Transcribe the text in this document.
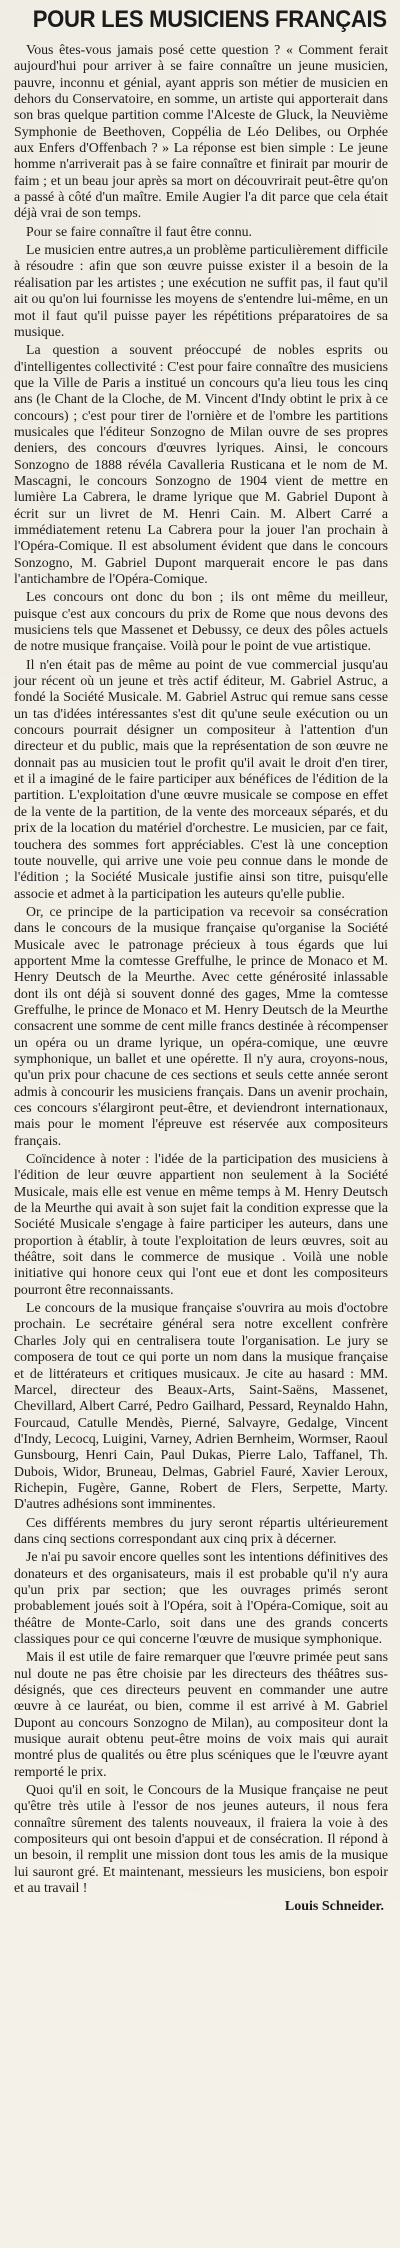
POUR LES MUSICIENS FRANÇAIS

Vous êtes-vous jamais posé cette question ? « Comment ferait aujourd'hui pour arriver à se faire connaître un jeune musicien, pauvre, inconnu et génial, ayant appris son métier de musicien en dehors du Conservatoire, en somme, un artiste qui apporterait dans son bras quelque partition comme l'Alceste de Gluck, la Neuvième Symphonie de Beethoven, Coppélia de Léo Delibes, ou Orphée aux Enfers d'Offenbach ? » La réponse est bien simple : Le jeune homme n'arriverait pas à se faire connaître et finirait par mourir de faim ; et un beau jour après sa mort on découvrirait peut-être qu'on a passé à côté d'un maître. Emile Augier l'a dit parce que cela était déjà vrai de son temps.

Pour se faire connaître il faut être connu.

Le musicien entre autres,a un problème particulièrement difficile à résoudre : afin que son œuvre puisse exister il a besoin de la réalisation par les artistes ; une exécution ne suffit pas, il faut qu'il ait ou qu'on lui fournisse les moyens de s'entendre lui-même, en un mot il faut qu'il puisse payer les répétitions préparatoires de sa musique.

La question a souvent préoccupé de nobles esprits ou d'intelligentes collectivité : C'est pour faire connaître des musiciens que la Ville de Paris a institué un concours qu'a lieu tous les cinq ans (le Chant de la Cloche, de M. Vincent d'Indy obtint le prix à ce concours) ; c'est pour tirer de l'ornière et de l'ombre les partitions musicales que l'éditeur Sonzogno de Milan ouvre de ses propres deniers, des concours d'œuvres lyriques. Ainsi, le concours Sonzogno de 1888 révéla Cavalleria Rusticana et le nom de M. Mascagni, le concours Sonzogno de 1904 vient de mettre en lumière La Cabrera, le drame lyrique que M. Gabriel Dupont à écrit sur un livret de M. Henri Cain. M. Albert Carré a immédiatement retenu La Cabrera pour la jouer l'an prochain à l'Opéra-Comique. Il est absolument évident que dans le concours Sonzogno, M. Gabriel Dupont marquerait encore le pas dans l'antichambre de l'Opéra-Comique.

Les concours ont donc du bon ; ils ont même du meilleur, puisque c'est aux concours du prix de Rome que nous devons des musiciens tels que Massenet et Debussy, ce deux des pôles actuels de notre musique française. Voilà pour le point de vue artistique.

Il n'en était pas de même au point de vue commercial jusqu'au jour récent où un jeune et très actif éditeur, M. Gabriel Astruc, a fondé la Société Musicale. M. Gabriel Astruc qui remue sans cesse un tas d'idées intéressantes s'est dit qu'une seule exécution ou un concours pourrait désigner un compositeur à l'attention d'un directeur et du public, mais que la représentation de son œuvre ne donnait pas au musicien tout le profit qu'il avait le droit d'en tirer, et il a imaginé de le faire participer aux bénéfices de l'édition de la partition. L'exploitation d'une œuvre musicale se compose en effet de la vente de la partition, de la vente des morceaux séparés, et du prix de la location du matériel d'orchestre. Le musicien, par ce fait, touchera des sommes fort appréciables. C'est là une conception toute nouvelle, qui arrive une voie peu connue dans le monde de l'édition ; la Société Musicale justifie ainsi son titre, puisqu'elle associe et admet à la participation les auteurs qu'elle publie.

Or, ce principe de la participation va recevoir sa consécration dans le concours de la musique française qu'organise la Société Musicale avec le patronage précieux à tous égards que lui apportent Mme la comtesse Greffulhe, le prince de Monaco et M. Henry Deutsch de la Meurthe. Avec cette générosité inlassable dont ils ont déjà si souvent donné des gages, Mme la comtesse Greffulhe, le prince de Monaco et M. Henry Deutsch de la Meurthe consacrent une somme de cent mille francs destinée à récompenser un opéra ou un drame lyrique, un opéra-comique, une œuvre symphonique, un ballet et une opérette. Il n'y aura, croyons-nous, qu'un prix pour chacune de ces sections et seuls cette année seront admis à concourir les musiciens français. Dans un avenir prochain, ces concours s'élargiront peut-être, et deviendront internationaux, mais pour le moment l'épreuve est réservée aux compositeurs français.

Coïncidence à noter : l'idée de la participation des musiciens à l'édition de leur œuvre appartient non seulement à la Société Musicale, mais elle est venue en même temps à M. Henry Deutsch de la Meurthe qui avait à son sujet fait la condition expresse que la Société Musicale s'engage à faire participer les auteurs, dans une proportion à établir, à toute l'exploitation de leurs œuvres, soit au théâtre, soit dans le commerce de musique . Voilà une noble initiative qui honore ceux qui l'ont eue et dont les compositeurs pourront être reconnaissants.

Le concours de la musique française s'ouvrira au mois d'octobre prochain. Le secrétaire général sera notre excellent confrère Charles Joly qui en centralisera toute l'organisation. Le jury se composera de tout ce qui porte un nom dans la musique française et de littérateurs et critiques musicaux. Je cite au hasard : MM. Marcel, directeur des Beaux-Arts, Saint-Saëns, Massenet, Chevillard, Albert Carré, Pedro Gailhard, Pessard, Reynaldo Hahn, Fourcaud, Catulle Mendès, Pierné, Salvayre, Gedalge, Vincent d'Indy, Lecocq, Luigini, Varney, Adrien Bernheim, Wormser, Raoul Gunsbourg, Henri Cain, Paul Dukas, Pierre Lalo, Taffanel, Th. Dubois, Widor, Bruneau, Delmas, Gabriel Fauré, Xavier Leroux, Richepin, Fugère, Ganne, Robert de Flers, Serpette, Marty. D'autres adhésions sont imminentes.

Ces différents membres du jury seront répartis ultérieurement dans cinq sections correspondant aux cinq prix à décerner.

Je n'ai pu savoir encore quelles sont les intentions définitives des donateurs et des organisateurs, mais il est probable qu'il n'y aura qu'un prix par section; que les ouvrages primés seront probablement joués soit à l'Opéra, soit à l'Opéra-Comique, soit au théâtre de Monte-Carlo, soit dans une des grands concerts classiques pour ce qui concerne l'œuvre de musique symphonique.

Mais il est utile de faire remarquer que l'œuvre primée peut sans nul doute ne pas être choisie par les directeurs des théâtres sus-désignés, que ces directeurs peuvent en commander une autre œuvre à ce lauréat, ou bien, comme il est arrivé à M. Gabriel Dupont au concours Sonzogno de Milan), au compositeur dont la musique aurait obtenu peut-être moins de voix mais qui aurait montré plus de qualités ou être plus scéniques que le l'œuvre ayant remporté le prix.

Quoi qu'il en soit, le Concours de la Musique française ne peut qu'être très utile à l'essor de nos jeunes auteurs, il nous fera connaître sûrement des talents nouveaux, il fraiera la voie à des compositeurs qui ont besoin d'appui et de consécration. Il répond à un besoin, il remplit une mission dont tous les amis de la musique lui sauront gré. Et maintenant, messieurs les musiciens, bon espoir et au travail !

Louis Schneider.
